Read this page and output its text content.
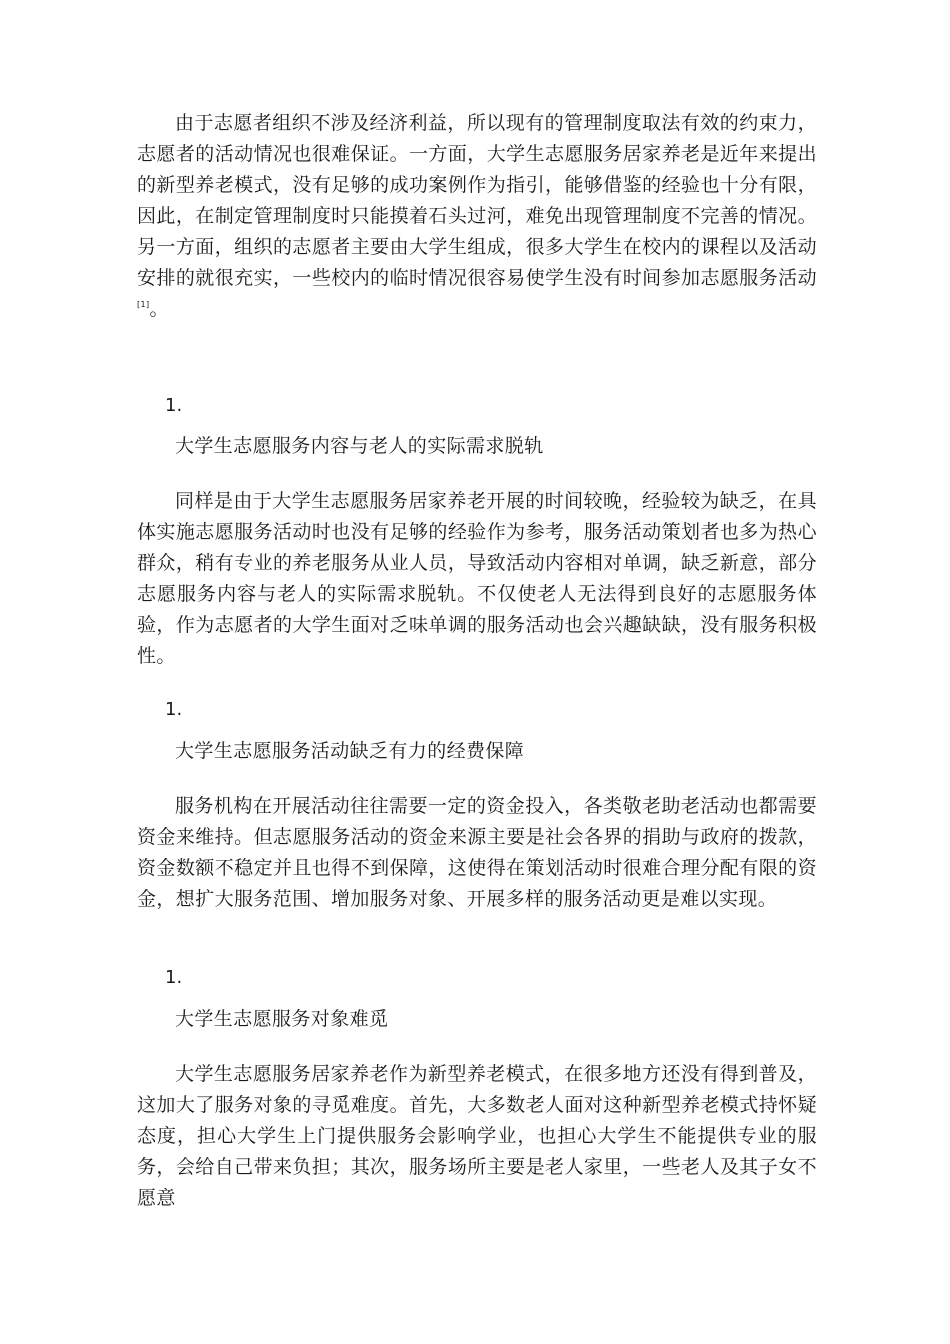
由于志愿者组织不涉及经济利益，所以现有的管理制度取法有效的约束力，志愿者的活动情况也很难保证。一方面，大学生志愿服务居家养老是近年来提出的新型养老模式，没有足够的成功案例作为指引，能够借鉴的经验也十分有限，因此，在制定管理制度时只能摸着石头过河，难免出现管理制度不完善的情况。另一方面，组织的志愿者主要由大学生组成，很多大学生在校内的课程以及活动安排的就很充实，一些校内的临时情况很容易使学生没有时间参加志愿服务活动[1]。

1.

大学生志愿服务内容与老人的实际需求脱轨

同样是由于大学生志愿服务居家养老开展的时间较晚，经验较为缺乏，在具体实施志愿服务活动时也没有足够的经验作为参考，服务活动策划者也多为热心群众，稍有专业的养老服务从业人员，导致活动内容相对单调，缺乏新意，部分志愿服务内容与老人的实际需求脱轨。不仅使老人无法得到良好的志愿服务体验，作为志愿者的大学生面对乏味单调的服务活动也会兴趣缺缺，没有服务积极性。

1.

大学生志愿服务活动缺乏有力的经费保障

服务机构在开展活动往往需要一定的资金投入，各类敬老助老活动也都需要资金来维持。但志愿服务活动的资金来源主要是社会各界的捐助与政府的拨款，资金数额不稳定并且也得不到保障，这使得在策划活动时很难合理分配有限的资金，想扩大服务范围、增加服务对象、开展多样的服务活动更是难以实现。

1.

大学生志愿服务对象难觅

大学生志愿服务居家养老作为新型养老模式，在很多地方还没有得到普及，这加大了服务对象的寻觅难度。首先，大多数老人面对这种新型养老模式持怀疑态度，担心大学生上门提供服务会影响学业，也担心大学生不能提供专业的服务，会给自己带来负担；其次，服务场所主要是老人家里，一些老人及其子女不愿意
